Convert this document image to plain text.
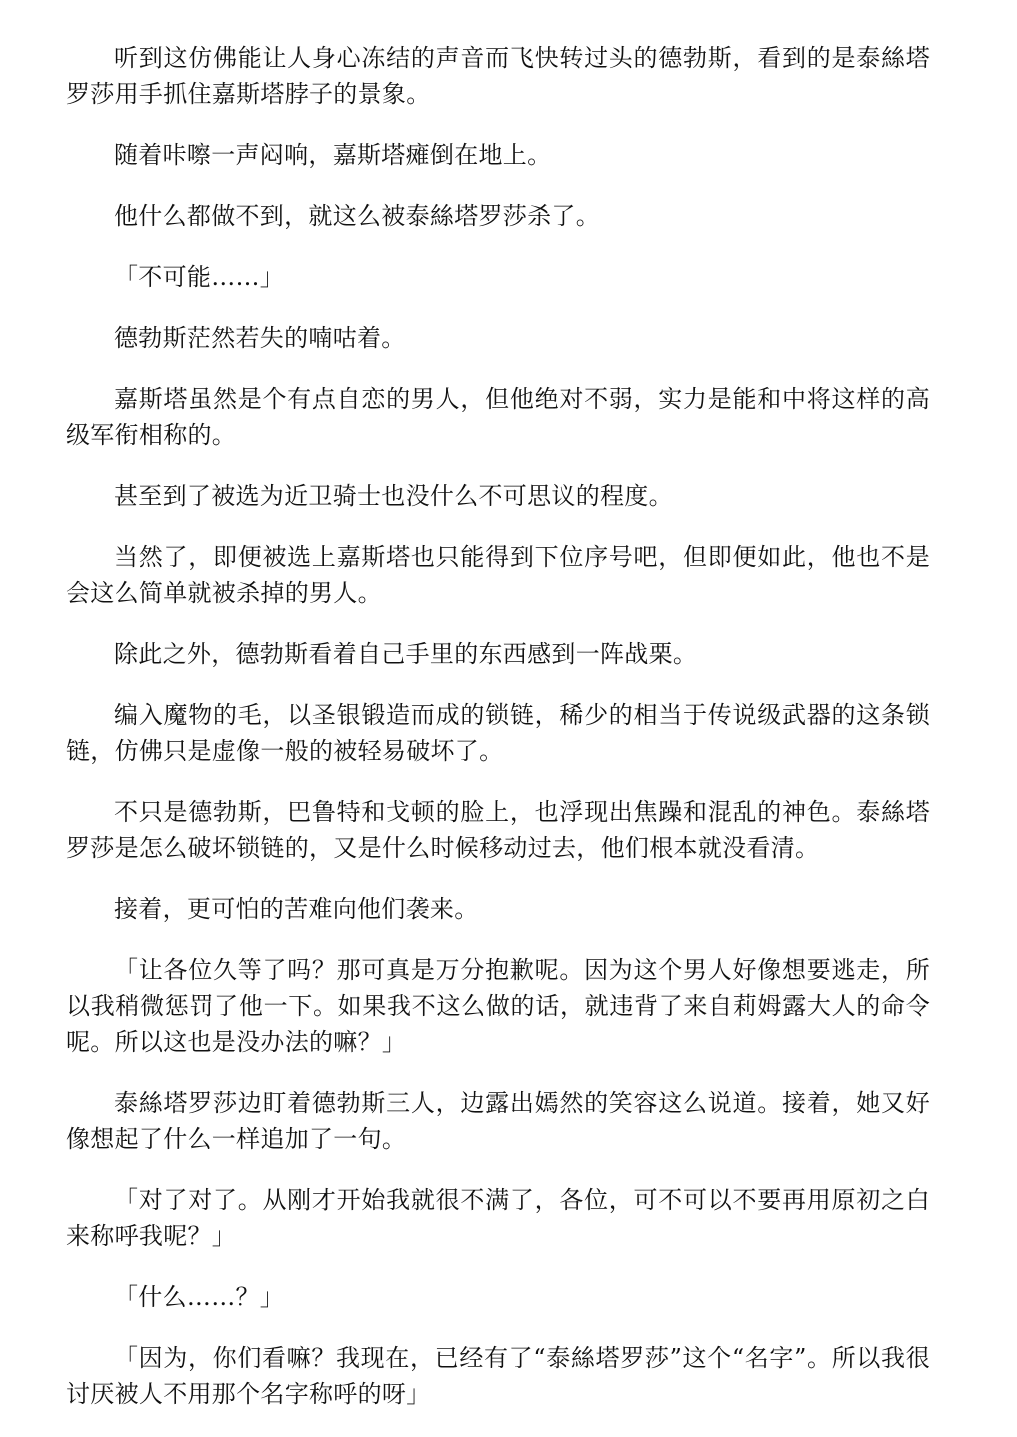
听到这仿佛能让人身心冻结的声音而飞快转过头的德勃斯，看到的是泰絲塔罗莎用手抓住嘉斯塔脖子的景象。

随着咔嚓一声闷响，嘉斯塔瘫倒在地上。

他什么都做不到，就这么被泰絲塔罗莎杀了。

「不可能……」

德勃斯茫然若失的喃咕着。

嘉斯塔虽然是个有点自恋的男人，但他绝对不弱，实力是能和中将这样的高级军衔相称的。

甚至到了被选为近卫骑士也没什么不可思议的程度。

当然了，即便被选上嘉斯塔也只能得到下位序号吧，但即便如此，他也不是会这么简单就被杀掉的男人。

除此之外，德勃斯看着自己手里的东西感到一阵战栗。

编入魔物的毛，以圣银锻造而成的锁链，稀少的相当于传说级武器的这条锁链，仿佛只是虚像一般的被轻易破坏了。

不只是德勃斯，巴鲁特和戈顿的脸上，也浮现出焦躁和混乱的神色。泰絲塔罗莎是怎么破坏锁链的，又是什么时候移动过去，他们根本就没看清。

接着，更可怕的苦难向他们袭来。

「让各位久等了吗？那可真是万分抱歉呢。因为这个男人好像想要逃走，所以我稍微惩罚了他一下。如果我不这么做的话，就违背了来自莉姆露大人的命令呢。所以这也是没办法的嘛？」

泰絲塔罗莎边盯着德勃斯三人，边露出嫣然的笑容这么说道。接着，她又好像想起了什么一样追加了一句。

「对了对了。从刚才开始我就很不满了，各位，可不可以不要再用原初之白来称呼我呢？」

「什么……？」

「因为，你们看嘛？我现在，已经有了“泰絲塔罗莎”这个“名字”。所以我很讨厌被人不用那个名字称呼的呀」
